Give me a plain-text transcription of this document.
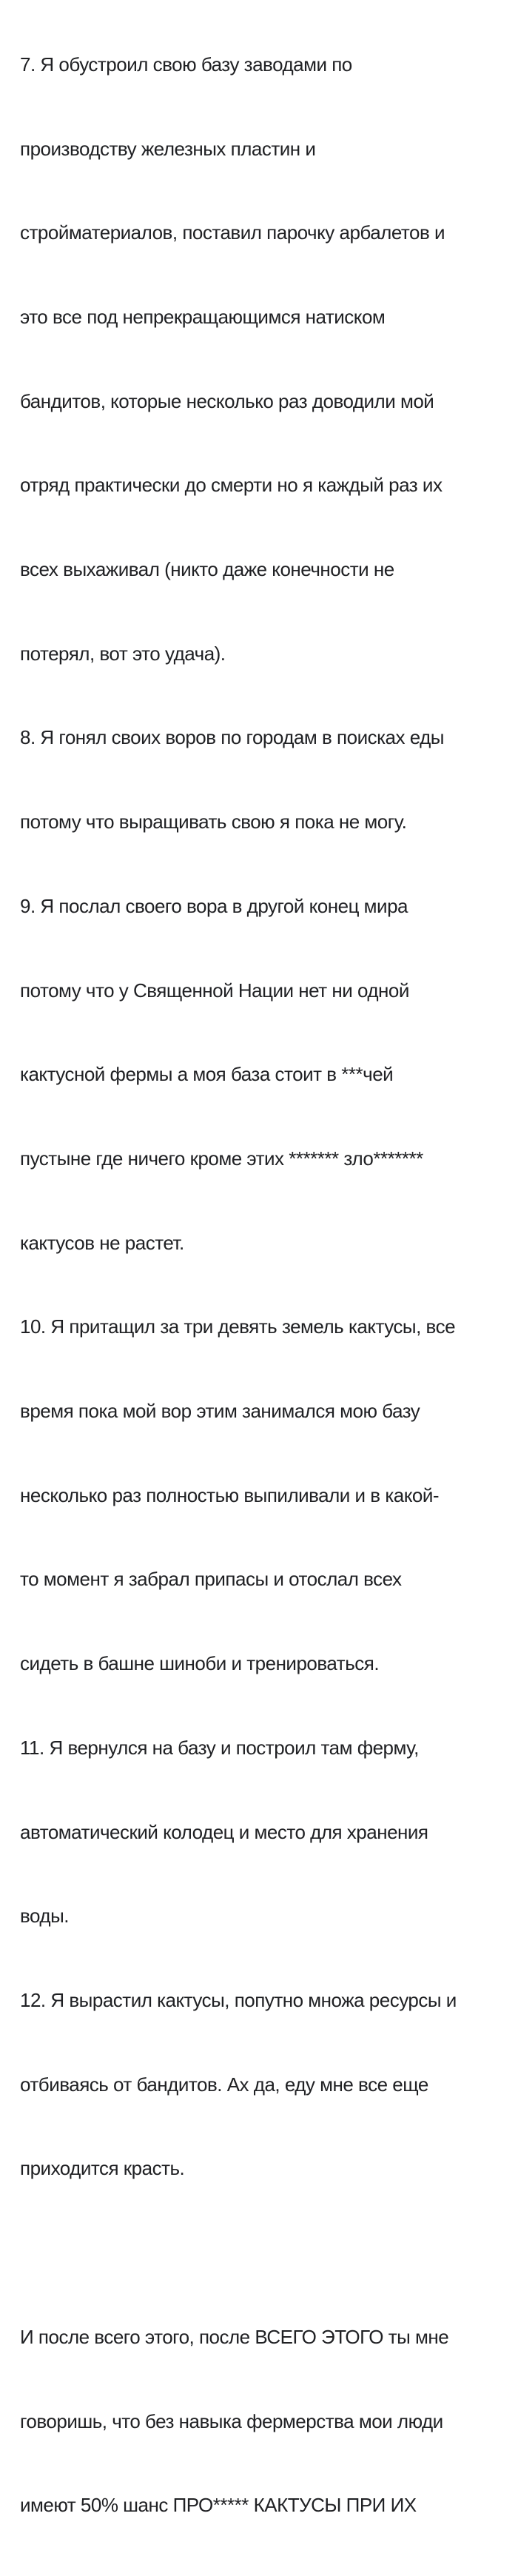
7. Я обустроил свою базу заводами по

производству железных пластин и

стройматериалов, поставил парочку арбалетов и

это все под непрекращающимся натиском

бандитов, которые несколько раз доводили мой

отряд практически до смерти но я каждый раз их

всех выхаживал (никто даже конечности не

потерял, вот это удача).

8. Я гонял своих воров по городам в поисках еды

потому что выращивать свою я пока не могу.

9. Я послал своего вора в другой конец мира

потому что у Священной Нации нет ни одной

кактусной фермы а моя база стоит в ***чей

пустыне где ничего кроме этих ******* зло*******

кактусов не растет.

10. Я притащил за три девять земель кактусы, все

время пока мой вор этим занимался мою базу

несколько раз полностью выпиливали и в какой-

то момент я забрал припасы и отослал всех

сидеть в башне шиноби и тренироваться.

11. Я вернулся на базу и построил там ферму,

автоматический колодец и место для хранения

воды.

12. Я вырастил кактусы, попутно множа ресурсы и

отбиваясь от бандитов. Ах да, еду мне все еще

приходится красть.

И после всего этого, после ВСЕГО ЭТОГО ты мне

говоришь, что без навыка фермерства мои люди

имеют 50% шанс ПРО***** КАКТУСЫ ПРИ ИХ
